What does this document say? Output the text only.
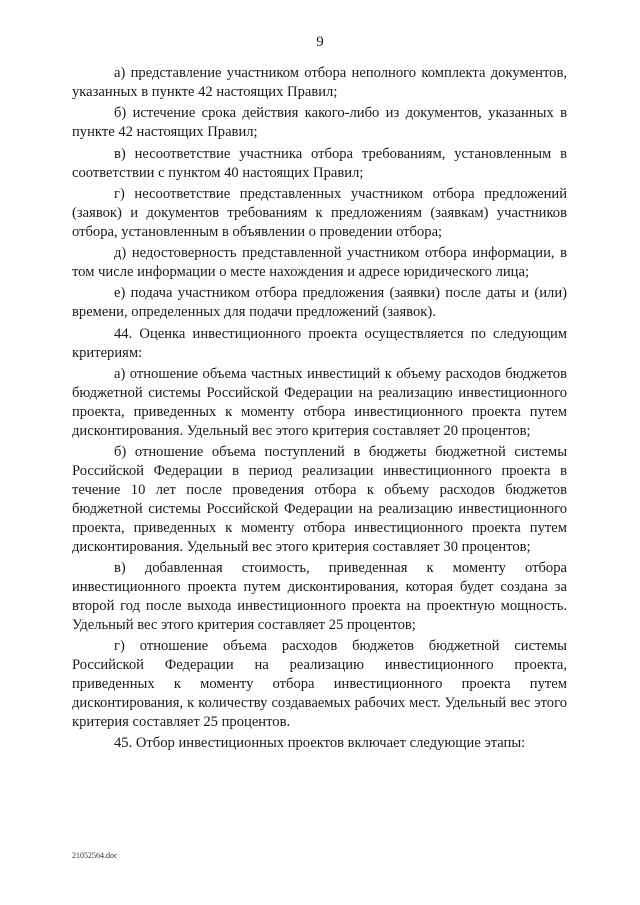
9

а) представление участником отбора неполного комплекта документов, указанных в пункте 42 настоящих Правил;

б) истечение срока действия какого-либо из документов, указанных в пункте 42 настоящих Правил;

в) несоответствие участника отбора требованиям, установленным в соответствии с пунктом 40 настоящих Правил;

г) несоответствие представленных участником отбора предложений (заявок) и документов требованиям к предложениям (заявкам) участников отбора, установленным в объявлении о проведении отбора;

д) недостоверность представленной участником отбора информации, в том числе информации о месте нахождения и адресе юридического лица;

е) подача участником отбора предложения (заявки) после даты и (или) времени, определенных для подачи предложений (заявок).

44. Оценка инвестиционного проекта осуществляется по следующим критериям:

а) отношение объема частных инвестиций к объему расходов бюджетов бюджетной системы Российской Федерации на реализацию инвестиционного проекта, приведенных к моменту отбора инвестиционного проекта путем дисконтирования. Удельный вес этого критерия составляет 20 процентов;

б) отношение объема поступлений в бюджеты бюджетной системы Российской Федерации в период реализации инвестиционного проекта в течение 10 лет после проведения отбора к объему расходов бюджетов бюджетной системы Российской Федерации на реализацию инвестиционного проекта, приведенных к моменту отбора инвестиционного проекта путем дисконтирования. Удельный вес этого критерия составляет 30 процентов;

в) добавленная стоимость, приведенная к моменту отбора инвестиционного проекта путем дисконтирования, которая будет создана за второй год после выхода инвестиционного проекта на проектную мощность. Удельный вес этого критерия составляет 25 процентов;

г) отношение объема расходов бюджетов бюджетной системы Российской Федерации на реализацию инвестиционного проекта, приведенных к моменту отбора инвестиционного проекта путем дисконтирования, к количеству создаваемых рабочих мест. Удельный вес этого критерия составляет 25 процентов.

45. Отбор инвестиционных проектов включает следующие этапы:

21052564.doc
